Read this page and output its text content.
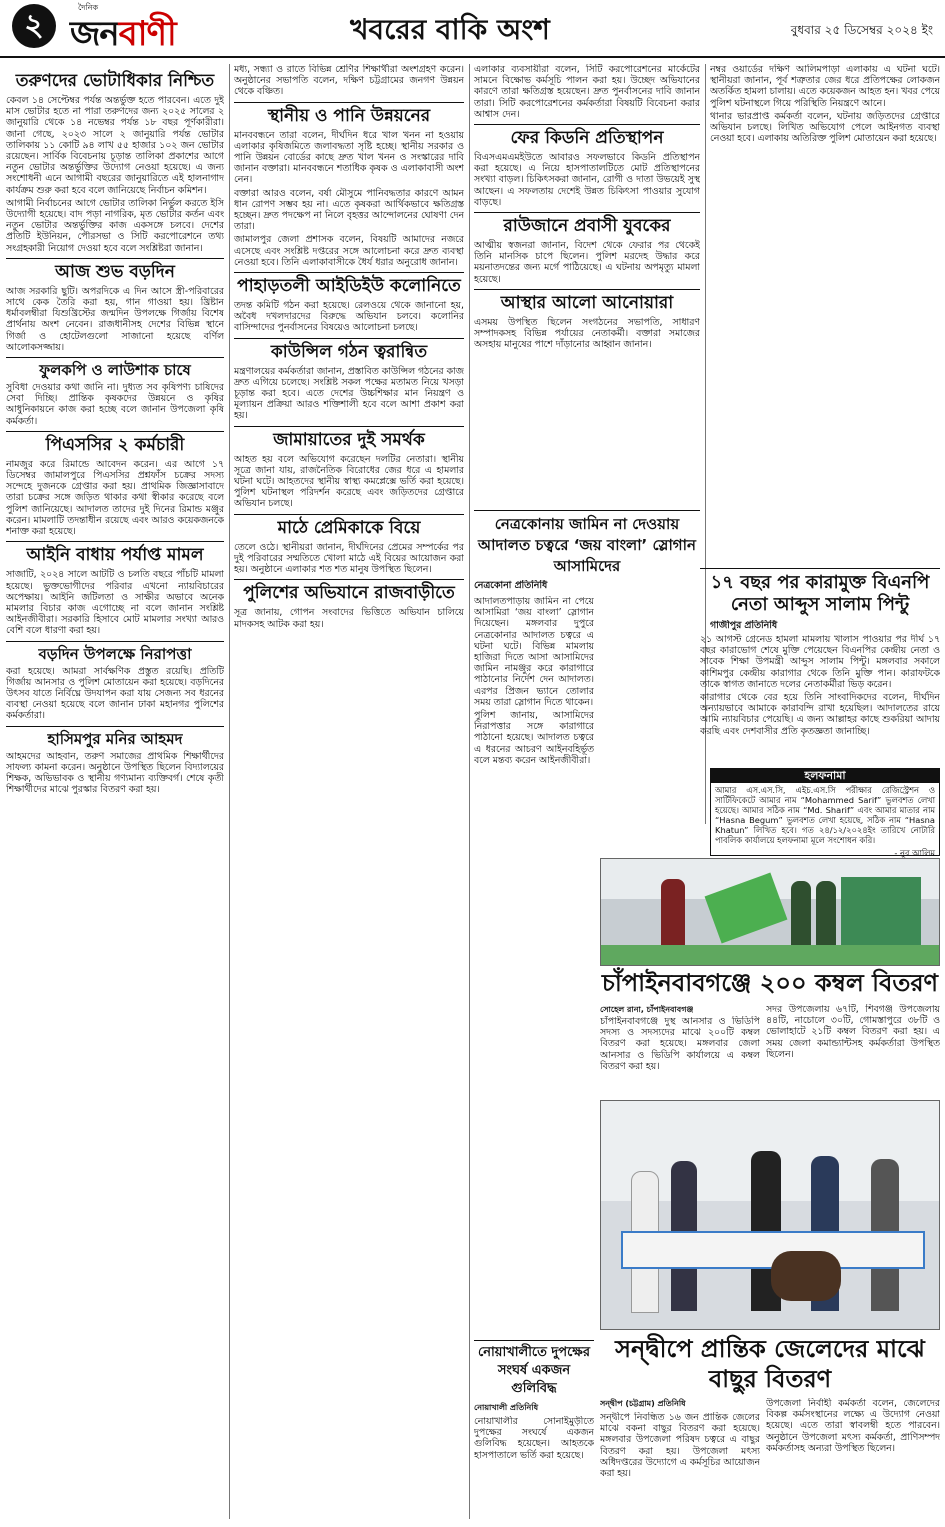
২
দৈনিক
জনবাণী	খবরের বাকি অংশ	বুধবার ২৫ ডিসেম্বর ২০২৪ ইং
তরুণদের ভোটাধিকার নিশ্চিত

কেবল ১৪ সেপ্টেম্বর পর্যন্ত অন্তর্ভুক্ত হতে পারবেন। এতে দুই মাস ভোটার হতে না পারা তরুণদের জন্য ২০২৫ সালের ২ জানুয়ারি থেকে ১৪ নভেম্বর পর্যন্ত ১৮ বছর পূর্ণকারীরা। জানা গেছে, ২০২৩ সালে ২ জানুয়ারি পর্যন্ত ভোটার তালিকায় ১১ কোটি ৯৪ লাখ ৫৫ হাজার ১০২ জন ভোটার রয়েছেন। সার্বিক বিবেচনায় চূড়ান্ত তালিকা প্রকাশের আগে নতুন ভোটার অন্তর্ভুক্তির উদ্যোগ নেওয়া হয়েছে। এ জন্য সংশোধনী এনে আগামী বছরের জানুয়ারিতে এই হালনাগাদ কার্যক্রম শুরু করা হবে বলে জানিয়েছে নির্বাচন কমিশন।

আগামী নির্বাচনের আগে ভোটার তালিকা নির্ভুল করতে ইসি উদ্যোগী হয়েছে। বাদ পড়া নাগরিক, মৃত ভোটার কর্তন এবং নতুন ভোটার অন্তর্ভুক্তির কাজ একসঙ্গে চলবে। দেশের প্রতিটি ইউনিয়ন, পৌরসভা ও সিটি করপোরেশনে তথ্য সংগ্রহকারী নিয়োগ দেওয়া হবে বলে সংশ্লিষ্টরা জানান।

আজ শুভ বড়দিন

আজ সরকারি ছুটি। অপরদিকে এ দিন আসে স্ত্রী-পরিবারের সাথে কেক তৈরি করা হয়, গান গাওয়া হয়। খ্রিষ্টান ধর্মাবলম্বীরা যিশুখ্রিস্টের জন্মদিন উপলক্ষে গির্জায় বিশেষ প্রার্থনায় অংশ নেবেন। রাজধানীসহ দেশের বিভিন্ন স্থানে গির্জা ও হোটেলগুলো সাজানো হয়েছে বর্ণিল আলোকসজ্জায়।

ফুলকপি ও লাউশাক চাষে

সুবিধা দেওয়ার কথা জানি না। দুধ্যত সব কৃষিপণ্য চাষিদের সেবা দিচ্ছি। প্রান্তিক কৃষকদের উন্নয়নে ও কৃষির আধুনিকায়নে কাজ করা হচ্ছে বলে জানান উপজেলা কৃষি কর্মকর্তা।

পিএসসির ২ কর্মচারী

নামজুর করে রিমান্ডে আবেদন করেন। এর আগে ১৭ ডিসেম্বর জামালপুরে পিএসসির প্রশ্নফাঁস চক্রের সদস্য সন্দেহে দুজনকে গ্রেপ্তার করা হয়। প্রাথমিক জিজ্ঞাসাবাদে তারা চক্রের সঙ্গে জড়িত থাকার কথা স্বীকার করেছে বলে পুলিশ জানিয়েছে। আদালত তাদের দুই দিনের রিমান্ড মঞ্জুর করেন। মামলাটি তদন্তাধীন রয়েছে এবং আরও কয়েকজনকে শনাক্ত করা হয়েছে।

আইনি বাধায় পর্যাপ্ত মামল

সাজাটি, ২০২৪ সালে আটটি ও চলতি বছরে পাঁচটি মামলা হয়েছে। ভুক্তভোগীদের পরিবার এখনো ন্যায়বিচারের অপেক্ষায়। আইনি জটিলতা ও সাক্ষীর অভাবে অনেক মামলার বিচার কাজ এগোচ্ছে না বলে জানান সংশ্লিষ্ট আইনজীবীরা। সরকারি হিসাবে মোট মামলার সংখ্যা আরও বেশি বলে ধারণা করা হয়।

বড়দিন উপলক্ষে নিরাপত্তা

করা হয়েছে। আমরা সার্বক্ষণিক প্রস্তুত রয়েছি। প্রতিটি গির্জায় আনসার ও পুলিশ মোতায়েন করা হয়েছে। বড়দিনের উৎসব যাতে নির্বিঘ্নে উদযাপন করা যায় সেজন্য সব ধরনের ব্যবস্থা নেওয়া হয়েছে বলে জানান ঢাকা মহানগর পুলিশের কর্মকর্তারা।

হাসিমপুর মনির আহমদ

আহমদের আহবান, তরুণ সমাজের প্রাথমিক শিক্ষার্থীদের সাফল্য কামনা করেন। অনুষ্ঠানে উপস্থিত ছিলেন বিদ্যালয়ের শিক্ষক, অভিভাবক ও স্থানীয় গণ্যমান্য ব্যক্তিবর্গ। শেষে কৃতী শিক্ষার্থীদের মাঝে পুরস্কার বিতরণ করা হয়।

মধ্য, সন্ধ্যা ও রাতে বিভিন্ন শ্রেণির শিক্ষার্থীরা অংশগ্রহণ করেন। অনুষ্ঠানের সভাপতি বলেন, দক্ষিণ চট্টগ্রামের জনগণ উন্নয়ন থেকে বঞ্চিত।

স্থানীয় ও পানি উন্নয়নের

মানববন্ধনে তারা বলেন, দীর্ঘদিন ধরে খাল খনন না হওয়ায় এলাকার কৃষিজমিতে জলাবদ্ধতা সৃষ্টি হচ্ছে। স্থানীয় সরকার ও পানি উন্নয়ন বোর্ডের কাছে দ্রুত খাল খনন ও সংস্কারের দাবি জানান বক্তারা। মানববন্ধনে শতাধিক কৃষক ও এলাকাবাসী অংশ নেন।

বক্তারা আরও বলেন, বর্ষা মৌসুমে পানিবদ্ধতার কারণে আমন ধান রোপণ সম্ভব হয় না। এতে কৃষকরা আর্থিকভাবে ক্ষতিগ্রস্ত হচ্ছেন। দ্রুত পদক্ষেপ না নিলে বৃহত্তর আন্দোলনের ঘোষণা দেন তারা।

জামালপুর জেলা প্রশাসক বলেন, বিষয়টি আমাদের নজরে এসেছে এবং সংশ্লিষ্ট দপ্তরের সঙ্গে আলোচনা করে দ্রুত ব্যবস্থা নেওয়া হবে। তিনি এলাকাবাসীকে ধৈর্য ধরার অনুরোধ জানান।

পাহাড়তলী আইডিইউ কলোনিতে

তদন্ত কমিটি গঠন করা হয়েছে। রেলওয়ে থেকে জানানো হয়, অবৈধ দখলদারদের বিরুদ্ধে অভিযান চলবে। কলোনির বাসিন্দাদের পুনর্বাসনের বিষয়েও আলোচনা চলছে।

কাউন্সিল গঠন ত্বরান্বিত

মন্ত্রণালয়ের কর্মকর্তারা জানান, প্রস্তাবিত কাউন্সিল গঠনের কাজ দ্রুত এগিয়ে চলেছে। সংশ্লিষ্ট সকল পক্ষের মতামত নিয়ে খসড়া চূড়ান্ত করা হবে। এতে দেশের উচ্চশিক্ষার মান নিয়ন্ত্রণ ও মূল্যায়ন প্রক্রিয়া আরও শক্তিশালী হবে বলে আশা প্রকাশ করা হয়।

জামায়াতের দুই সমর্থক

আহত হয় বলে অভিযোগ করেছেন দলটির নেতারা। স্থানীয় সূত্রে জানা যায়, রাজনৈতিক বিরোধের জের ধরে এ হামলার ঘটনা ঘটে। আহতদের স্থানীয় স্বাস্থ্য কমপ্লেক্সে ভর্তি করা হয়েছে। পুলিশ ঘটনাস্থল পরিদর্শন করেছে এবং জড়িতদের গ্রেপ্তারে অভিযান চলছে।

মাঠে প্রেমিকাকে বিয়ে

তেলে ওঠে। স্থানীয়রা জানান, দীর্ঘদিনের প্রেমের সম্পর্কের পর দুই পরিবারের সম্মতিতে খোলা মাঠে এই বিয়ের আয়োজন করা হয়। অনুষ্ঠানে এলাকার শত শত মানুষ উপস্থিত ছিলেন।

পুলিশের অভিযানে রাজবাড়ীতে

সূত্র জানায়, গোপন সংবাদের ভিত্তিতে অভিযান চালিয়ে মাদকসহ আটক করা হয়।

এলাকার ব্যবসায়ীরা বলেন, সিটি করপোরেশনের মার্কেটের সামনে বিক্ষোভ কর্মসূচি পালন করা হয়। উচ্ছেদ অভিযানের কারণে তারা ক্ষতিগ্রস্ত হয়েছেন। দ্রুত পুনর্বাসনের দাবি জানান তারা। সিটি করপোরেশনের কর্মকর্তারা বিষয়টি বিবেচনা করার আশ্বাস দেন।

ফের কিডনি প্রতিস্থাপন

বিএসএমএমইউতে আবারও সফলভাবে কিডনি প্রতিস্থাপন করা হয়েছে। এ নিয়ে হাসপাতালটিতে মোট প্রতিস্থাপনের সংখ্যা বাড়ল। চিকিৎসকরা জানান, রোগী ও দাতা উভয়েই সুস্থ আছেন। এ সফলতায় দেশেই উন্নত চিকিৎসা পাওয়ার সুযোগ বাড়ছে।

রাউজানে প্রবাসী যুবকের

আত্মীয় স্বজনরা জানান, বিদেশ থেকে ফেরার পর থেকেই তিনি মানসিক চাপে ছিলেন। পুলিশ মরদেহ উদ্ধার করে ময়নাতদন্তের জন্য মর্গে পাঠিয়েছে। এ ঘটনায় অপমৃত্যু মামলা হয়েছে।

আস্থার আলো আনোয়ারা

এসময় উপস্থিত ছিলেন সংগঠনের সভাপতি, সাধারণ সম্পাদকসহ বিভিন্ন পর্যায়ের নেতাকর্মী। বক্তারা সমাজের অসহায় মানুষের পাশে দাঁড়ানোর আহ্বান জানান।

নেত্রকোনায় জামিন না দেওয়ায় আদালত চত্বরে ‘জয় বাংলা’ স্লোগান আসামিদের
নেত্রকোনা প্রতিনিধি

আদালতপাড়ায় জামিন না পেয়ে আসামিরা ‘জয় বাংলা’ স্লোগান দিয়েছেন। মঙ্গলবার দুপুরে নেত্রকোনার আদালত চত্বরে এ ঘটনা ঘটে। বিভিন্ন মামলায় হাজিরা দিতে আসা আসামিদের জামিন নামঞ্জুর করে কারাগারে পাঠানোর নির্দেশ দেন আদালত। এরপর প্রিজন ভ্যানে তোলার সময় তারা স্লোগান দিতে থাকেন।

পুলিশ জানায়, আসামিদের নিরাপত্তার সঙ্গে কারাগারে পাঠানো হয়েছে। আদালত চত্বরে এ ধরনের আচরণ আইনবহির্ভূত বলে মন্তব্য করেন আইনজীবীরা।

নোয়াখালীতে দুপক্ষের সংঘর্ষ একজন গুলিবিদ্ধ
নোয়াখালী প্রতিনিধি

নোয়াখালীর সোনাইমুড়ীতে দুপক্ষের সংঘর্ষে একজন গুলিবিদ্ধ হয়েছেন। আহতকে হাসপাতালে ভর্তি করা হয়েছে।

নম্বর ওয়ার্ডের দক্ষিণ আলিমপাড়া এলাকায় এ ঘটনা ঘটে। স্থানীয়রা জানান, পূর্ব শত্রুতার জের ধরে প্রতিপক্ষের লোকজন অতর্কিত হামলা চালায়। এতে কয়েকজন আহত হন। খবর পেয়ে পুলিশ ঘটনাস্থলে গিয়ে পরিস্থিতি নিয়ন্ত্রণে আনে।

থানার ভারপ্রাপ্ত কর্মকর্তা বলেন, ঘটনায় জড়িতদের গ্রেপ্তারে অভিযান চলছে। লিখিত অভিযোগ পেলে আইনগত ব্যবস্থা নেওয়া হবে। এলাকায় অতিরিক্ত পুলিশ মোতায়েন করা হয়েছে।

১৭ বছর পর কারামুক্ত বিএনপি নেতা আব্দুস সালাম পিন্টু
গাজীপুর প্রতিনিধি

২১ আগস্ট গ্রেনেড হামলা মামলায় খালাস পাওয়ার পর দীর্ঘ ১৭ বছর কারাভোগ শেষে মুক্তি পেয়েছেন বিএনপির কেন্দ্রীয় নেতা ও সাবেক শিক্ষা উপমন্ত্রী আব্দুস সালাম পিন্টু। মঙ্গলবার সকালে কাশিমপুর কেন্দ্রীয় কারাগার থেকে তিনি মুক্তি পান। কারাফটকে তাকে স্বাগত জানাতে দলের নেতাকর্মীরা ভিড় করেন।

কারাগার থেকে বের হয়ে তিনি সাংবাদিকদের বলেন, দীর্ঘদিন অন্যায়ভাবে আমাকে কারাবন্দি রাখা হয়েছিল। আদালতের রায়ে আমি ন্যায়বিচার পেয়েছি। এ জন্য আল্লাহর কাছে শুকরিয়া আদায় করছি এবং দেশবাসীর প্রতি কৃতজ্ঞতা জানাচ্ছি।

হলফনামা
আমার এস.এস.সি, এইচ.এস.সি পরীক্ষার রেজিস্ট্রেশন ও সার্টিফিকেটে আমার নাম “Mohammed Sarif” ভুলবশত লেখা হয়েছে। আমার সঠিক নাম “Md. Sharif” এবং আমার মাতার নাম “Hasna Begum” ভুলবশত লেখা হয়েছে, সঠিক নাম “Hasna Khatun” লিখিত হবে। গত ২৪/১২/২০২৪ইং তারিখে নোটারি পাবলিক কার্যালয়ে হলফনামা মূলে সংশোধন করি।
- নুর আলিম
চাঁপাইনবাবগঞ্জে ২০০ কম্বল বিতরণ
সোহেল রানা, চাঁপাইনবাবগঞ্জ

চাঁপাইনবাবগঞ্জে দুস্থ আনসার ও ভিডিপি সদস্য ও সদস্যদের মাঝে ২০০টি কম্বল বিতরণ করা হয়েছে। মঙ্গলবার জেলা আনসার ও ভিডিপি কার্যালয়ে এ কম্বল বিতরণ করা হয়।

সদর উপজেলায় ৬৭টি, শিবগঞ্জ উপজেলায় ৪৪টি, নাচোলে ৩০টি, গোমস্তাপুরে ৩৮টি ও ভোলাহাটে ২১টি কম্বল বিতরণ করা হয়। এ সময় জেলা কমান্ড্যান্টসহ কর্মকর্তারা উপস্থিত ছিলেন।

সন্দ্বীপে প্রান্তিক জেলেদের মাঝে বাছুর বিতরণ
সন্দ্বীপ (চট্টগ্রাম) প্রতিনিধি

সন্দ্বীপে নিবন্ধিত ১৬ জন প্রান্তিক জেলের মাঝে বকনা বাছুর বিতরণ করা হয়েছে। মঙ্গলবার উপজেলা পরিষদ চত্বরে এ বাছুর বিতরণ করা হয়। উপজেলা মৎস্য অধিদপ্তরের উদ্যোগে এ কর্মসূচির আয়োজন করা হয়।

উপজেলা নির্বাহী কর্মকর্তা বলেন, জেলেদের বিকল্প কর্মসংস্থানের লক্ষ্যে এ উদ্যোগ নেওয়া হয়েছে। এতে তারা স্বাবলম্বী হতে পারবেন। অনুষ্ঠানে উপজেলা মৎস্য কর্মকর্তা, প্রাণিসম্পদ কর্মকর্তাসহ অন্যরা উপস্থিত ছিলেন।
